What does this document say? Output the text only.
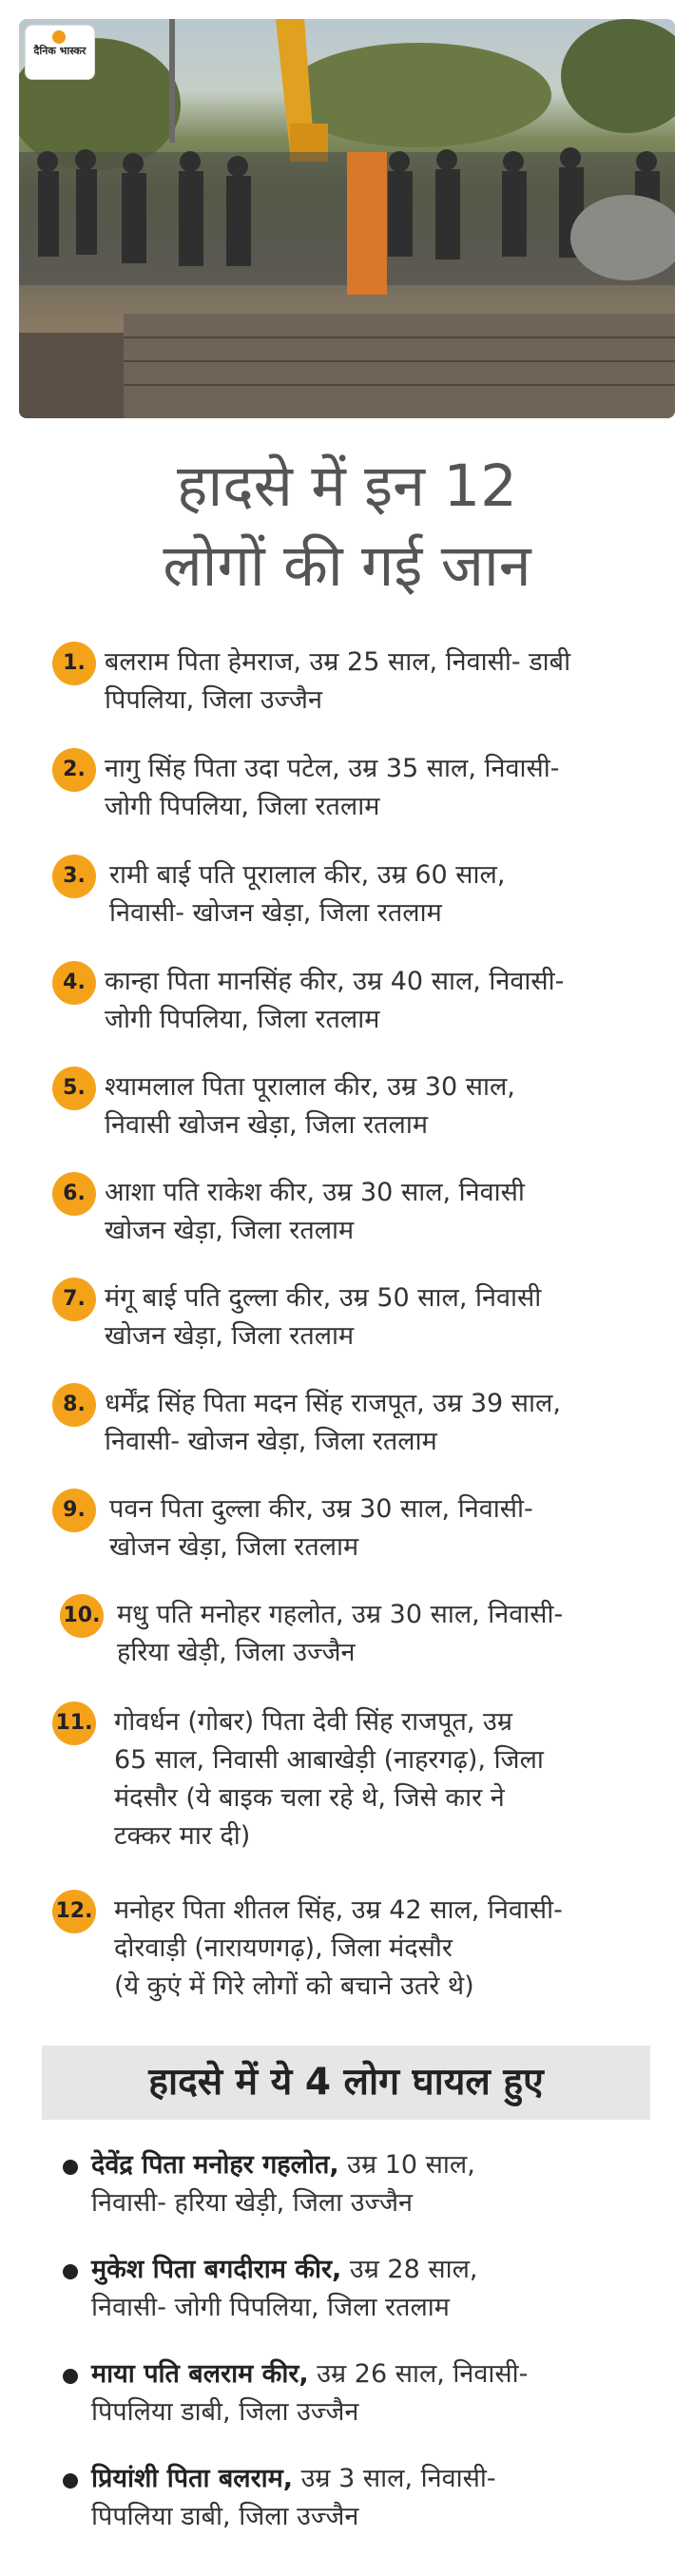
दैनिक भास्कर
हादसे में इन 12
लोगों की गई जान
1. बलराम पिता हेमराज, उम्र 25 साल, निवासी- डाबी
पिपलिया, जिला उज्जैन
2. नागु सिंह पिता उदा पटेल, उम्र 35 साल, निवासी-
जोगी पिपलिया, जिला रतलाम
3. रामी बाई पति पूरालाल कीर, उम्र 60 साल,
निवासी- खोजन खेड़ा, जिला रतलाम
4. कान्हा पिता मानसिंह कीर, उम्र 40 साल, निवासी-
जोगी पिपलिया, जिला रतलाम
5. श्यामलाल पिता पूरालाल कीर, उम्र 30 साल,
निवासी खोजन खेड़ा, जिला रतलाम
6. आशा पति राकेश कीर, उम्र 30 साल, निवासी
खोजन खेड़ा, जिला रतलाम
7. मंगू बाई पति दुल्ला कीर, उम्र 50 साल, निवासी
खोजन खेड़ा, जिला रतलाम
8. धर्मेंद्र सिंह पिता मदन सिंह राजपूत, उम्र 39 साल,
निवासी- खोजन खेड़ा, जिला रतलाम
9. पवन पिता दुल्ला कीर, उम्र 30 साल, निवासी-
खोजन खेड़ा, जिला रतलाम
10. मधु पति मनोहर गहलोत, उम्र 30 साल, निवासी-
हरिया खेड़ी, जिला उज्जैन
11. गोवर्धन (गोबर) पिता देवी सिंह राजपूत, उम्र
65 साल, निवासी आबाखेड़ी (नाहरगढ़), जिला
मंदसौर (ये बाइक चला रहे थे, जिसे कार ने
टक्कर मार दी)
12. मनोहर पिता शीतल सिंह, उम्र 42 साल, निवासी-
दोरवाड़ी (नारायणगढ़), जिला मंदसौर
(ये कुएं में गिरे लोगों को बचाने उतरे थे)
हादसे में ये 4 लोग घायल हुए
देवेंद्र पिता मनोहर गहलोत, उम्र 10 साल,
निवासी- हरिया खेड़ी, जिला उज्जैन
मुकेश पिता बगदीराम कीर, उम्र 28 साल,
निवासी- जोगी पिपलिया, जिला रतलाम
माया पति बलराम कीर, उम्र 26 साल, निवासी-
पिपलिया डाबी, जिला उज्जैन
प्रियांशी पिता बलराम, उम्र 3 साल, निवासी-
पिपलिया डाबी, जिला उज्जैन
